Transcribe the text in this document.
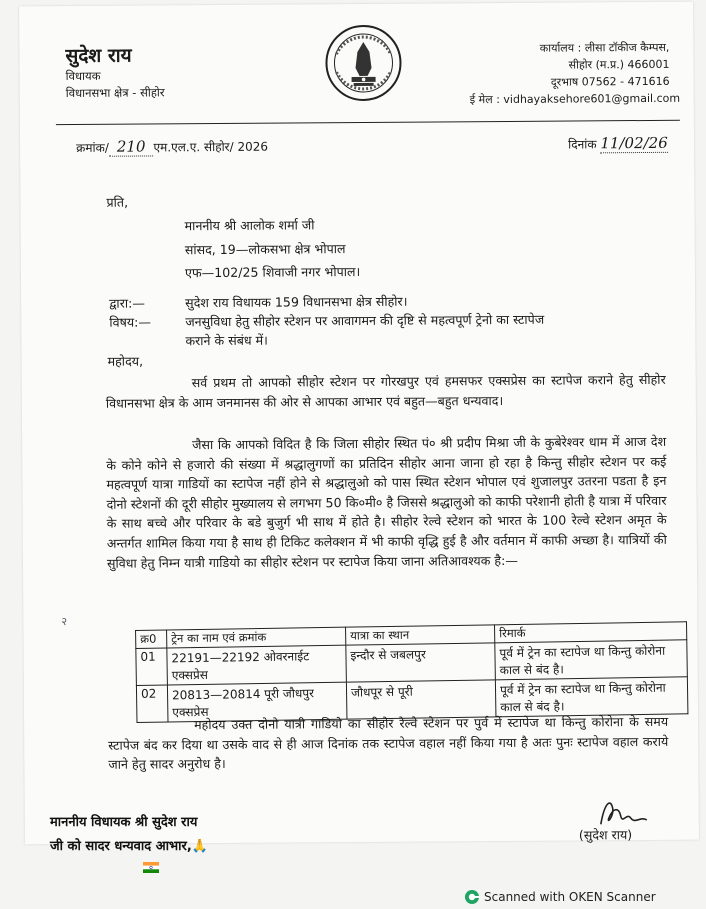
सुदेश राय
विधायक
विधानसभा क्षेत्र - सीहोर
कार्यालय : लीसा टॉकीज कैम्पस,
सीहोर (म.प्र.) 466001
दूरभाष 07562 - 471616
ई मेल : vidhayaksehore601@gmail.com
क्रमांक/ 210 एम.एल.ए. सीहोर/ 2026	दिनांक 11/02/26
प्रति,
माननीय श्री आलोक शर्मा जी
सांसद, 19—लोकसभा क्षेत्र भोपाल
एफ—102/25 शिवाजी नगर भोपाल।
द्वारा:—	सुदेश राय विधायक 159 विधानसभा क्षेत्र सीहोर।
विषय:—	जनसुविधा हेतु सीहोर स्टेशन पर आवागमन की दृष्टि से महत्वपूर्ण ट्रेनो का स्टापेज
कराने के संबंध में।
महोदय,
सर्व प्रथम तो आपको सीहोर स्टेशन पर गोरखपुर एवं हमसफर एक्सप्रेस का स्टापेज कराने हेतु सीहोर विधानसभा क्षेत्र के आम जनमानस की ओर से आपका आभार एवं बहुत—बहुत धन्यवाद।
जैसा कि आपको विदित है कि जिला सीहोर स्थित पं० श्री प्रदीप मिश्रा जी के कुबेरेश्वर धाम में आज देश के कोने कोने से हजारो की संख्या में श्रद्धालुगणों का प्रतिदिन सीहोर आना जाना हो रहा है किन्तु सीहोर स्टेशन पर कई महत्वपूर्ण यात्रा गाडियों का स्टापेज नहीं होने से श्रद्धालुओ को पास स्थित स्टेशन भोपाल एवं शुजालपुर उतरना पडता है इन दोनो स्टेशनों की दूरी सीहोर मुख्यालय से लगभग 50 कि०मी० है जिससे श्रद्धालुओ को काफी परेशानी होती है यात्रा में परिवार के साथ बच्चे और परिवार के बडे बुजुर्ग भी साथ में होते है। सीहोर रेल्वे स्टेशन को भारत के 100 रेल्वे स्टेशन अमृत के अन्तर्गत शामिल किया गया है साथ ही टिकिट कलेक्शन में भी काफी वृद्धि हुई है और वर्तमान में काफी अच्छा है। यात्रियों की सुविधा हेतु निम्न यात्री गाडियो का सीहोर स्टेशन पर स्टापेज किया जाना अतिआवश्यक है:—
२
क्र0	ट्रेन का नाम एवं क्रमांक	यात्रा का स्थान	रिमार्क
01	22191—22192 ओवरनाईट एक्सप्रेस	इन्दौर से जबलपुर	पूर्व में ट्रेन का स्टापेज था किन्तु कोरोना काल से बंद है।
02	20813—20814 पूरी जौधपुर एक्सप्रेस	जौधपूर से पूरी	पूर्व में ट्रेन का स्टापेज था किन्तु कोरोना काल से बंद है।
महोदय उक्त दोनो यात्री गाडियो का सीहोर रेल्वे स्टेशन पर पुर्व में स्टापेज था किन्तु कोरोना के समय स्टापेज बंद कर दिया था उसके वाद से ही आज दिनांक तक स्टापेज वहाल नहीं किया गया है अतः पुनः स्टापेज वहाल कराये जाने हेतु सादर अनुरोध है।
(सुदेश राय)
माननीय विधायक श्री सुदेश राय
जी को सादर धन्यवाद आभार,🙏
Scanned with OKEN Scanner
